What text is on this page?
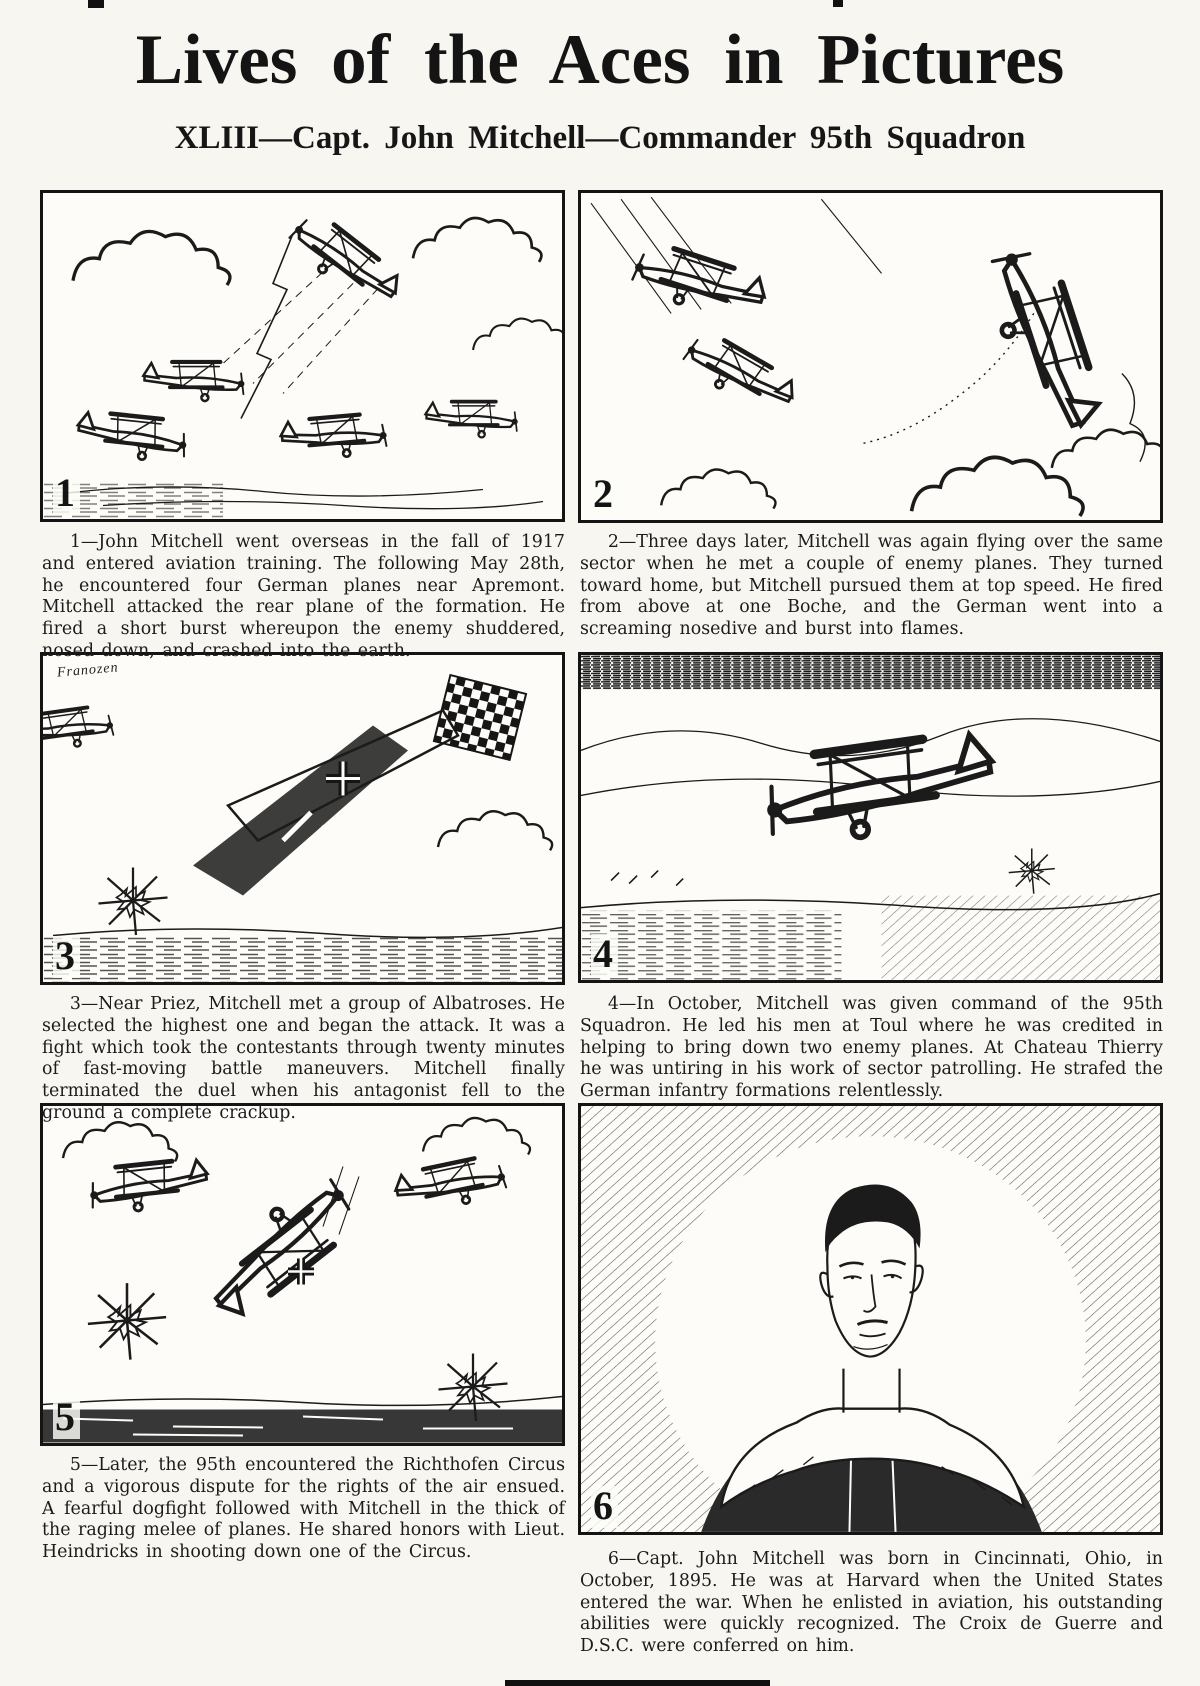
Lives of the Aces in Pictures
XLIII—Capt. John Mitchell—Commander 95th Squadron
1	2
Franozen
3	4
5
6

1—John Mitchell went overseas in the fall of 1917 and entered aviation training. The following May 28th, he encountered four German planes near Apremont. Mitchell attacked the rear plane of the formation. He fired a short burst whereupon the enemy shuddered, nosed down, and crashed into the earth.

2—Three days later, Mitchell was again flying over the same sector when he met a couple of enemy planes. They turned toward home, but Mitchell pursued them at top speed. He fired from above at one Boche, and the German went into a screaming nosedive and burst into flames.

3—Near Priez, Mitchell met a group of Albatroses. He selected the highest one and began the attack. It was a fight which took the contestants through twenty minutes of fast-moving battle maneuvers. Mitchell finally terminated the duel when his antagonist fell to the ground a complete crackup.

4—In October, Mitchell was given command of the 95th Squadron. He led his men at Toul where he was credited in helping to bring down two enemy planes. At Chateau Thierry he was untiring in his work of sector patrolling. He strafed the German infantry formations relentlessly.

5—Later, the 95th encountered the Richthofen Circus and a vigorous dispute for the rights of the air ensued. A fearful dogfight followed with Mitchell in the thick of the raging melee of planes. He shared honors with Lieut. Heindricks in shooting down one of the Circus.	6—Capt. John Mitchell was born in Cincinnati, Ohio, in October, 1895. He was at Harvard when the United States entered the war. When he enlisted in aviation, his outstanding abilities were quickly recognized. The Croix de Guerre and D.S.C. were conferred on him.
